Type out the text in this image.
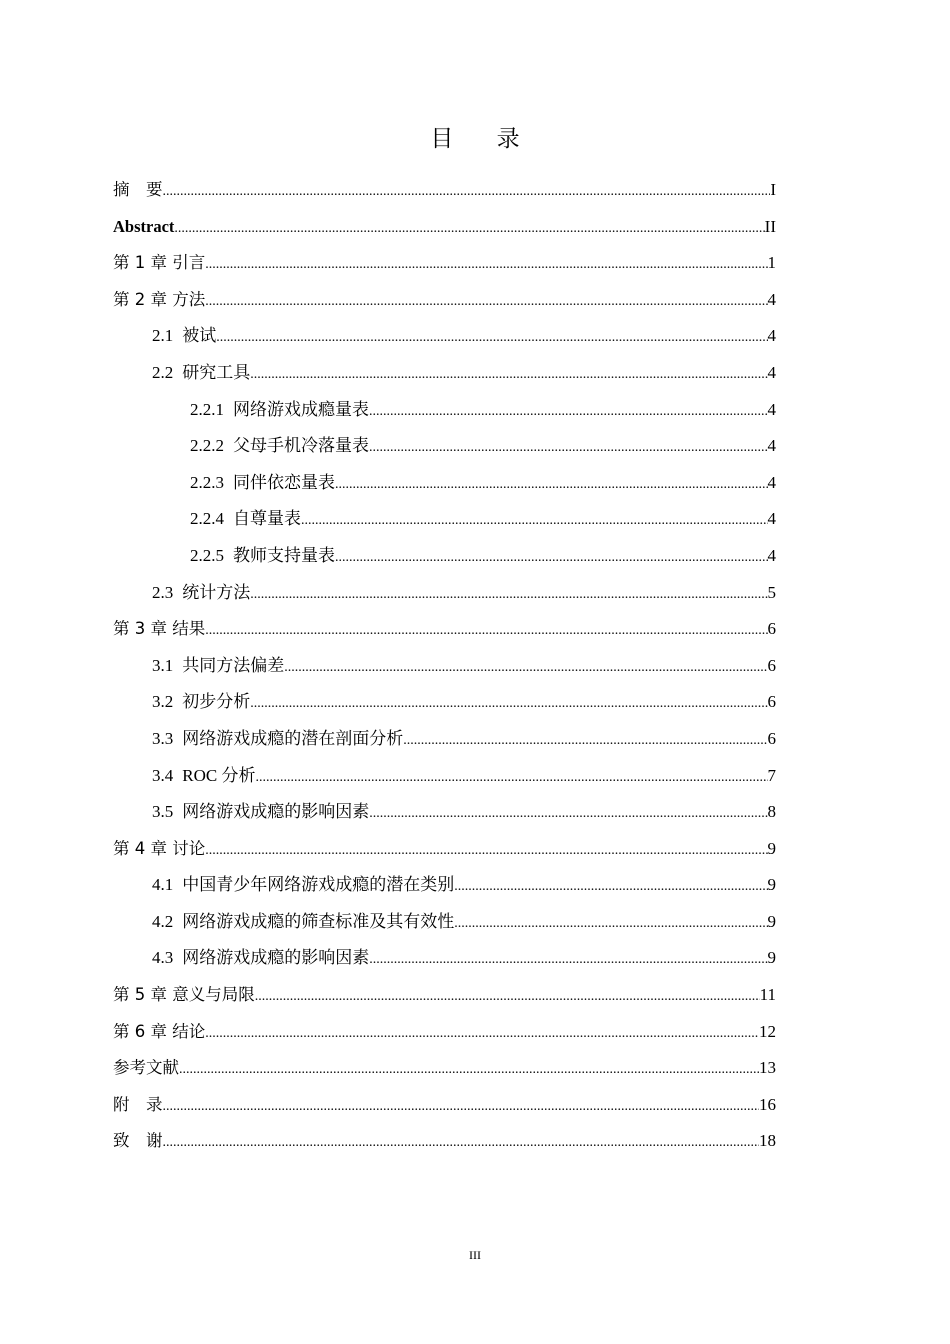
目 录
摘　要 .....	I
Abstract .....	II
第 1 章 引言 .....	1
第 2 章 方法 .....	4
2.1 被试 .....	4
2.2 研究工具 .....	4
2.2.1 网络游戏成瘾量表 .....	4
2.2.2 父母手机冷落量表 .....	4
2.2.3 同伴依恋量表 .....	4
2.2.4 自尊量表 .....	4
2.2.5 教师支持量表 .....	4
2.3 统计方法 .....	5
第 3 章 结果 .....	6
3.1 共同方法偏差 .....	6
3.2 初步分析 .....	6
3.3 网络游戏成瘾的潜在剖面分析 .....	6
3.4 ROC 分析 .....	7
3.5 网络游戏成瘾的影响因素 .....	8
第 4 章 讨论 .....	9
4.1 中国青少年网络游戏成瘾的潜在类别 .....	9
4.2 网络游戏成瘾的筛查标准及其有效性 .....	9
4.3 网络游戏成瘾的影响因素 .....	9
第 5 章 意义与局限 .....	11
第 6 章 结论 .....	12
参考文献 .....	13
附　录 .....	16
致　谢 .....	18
III
